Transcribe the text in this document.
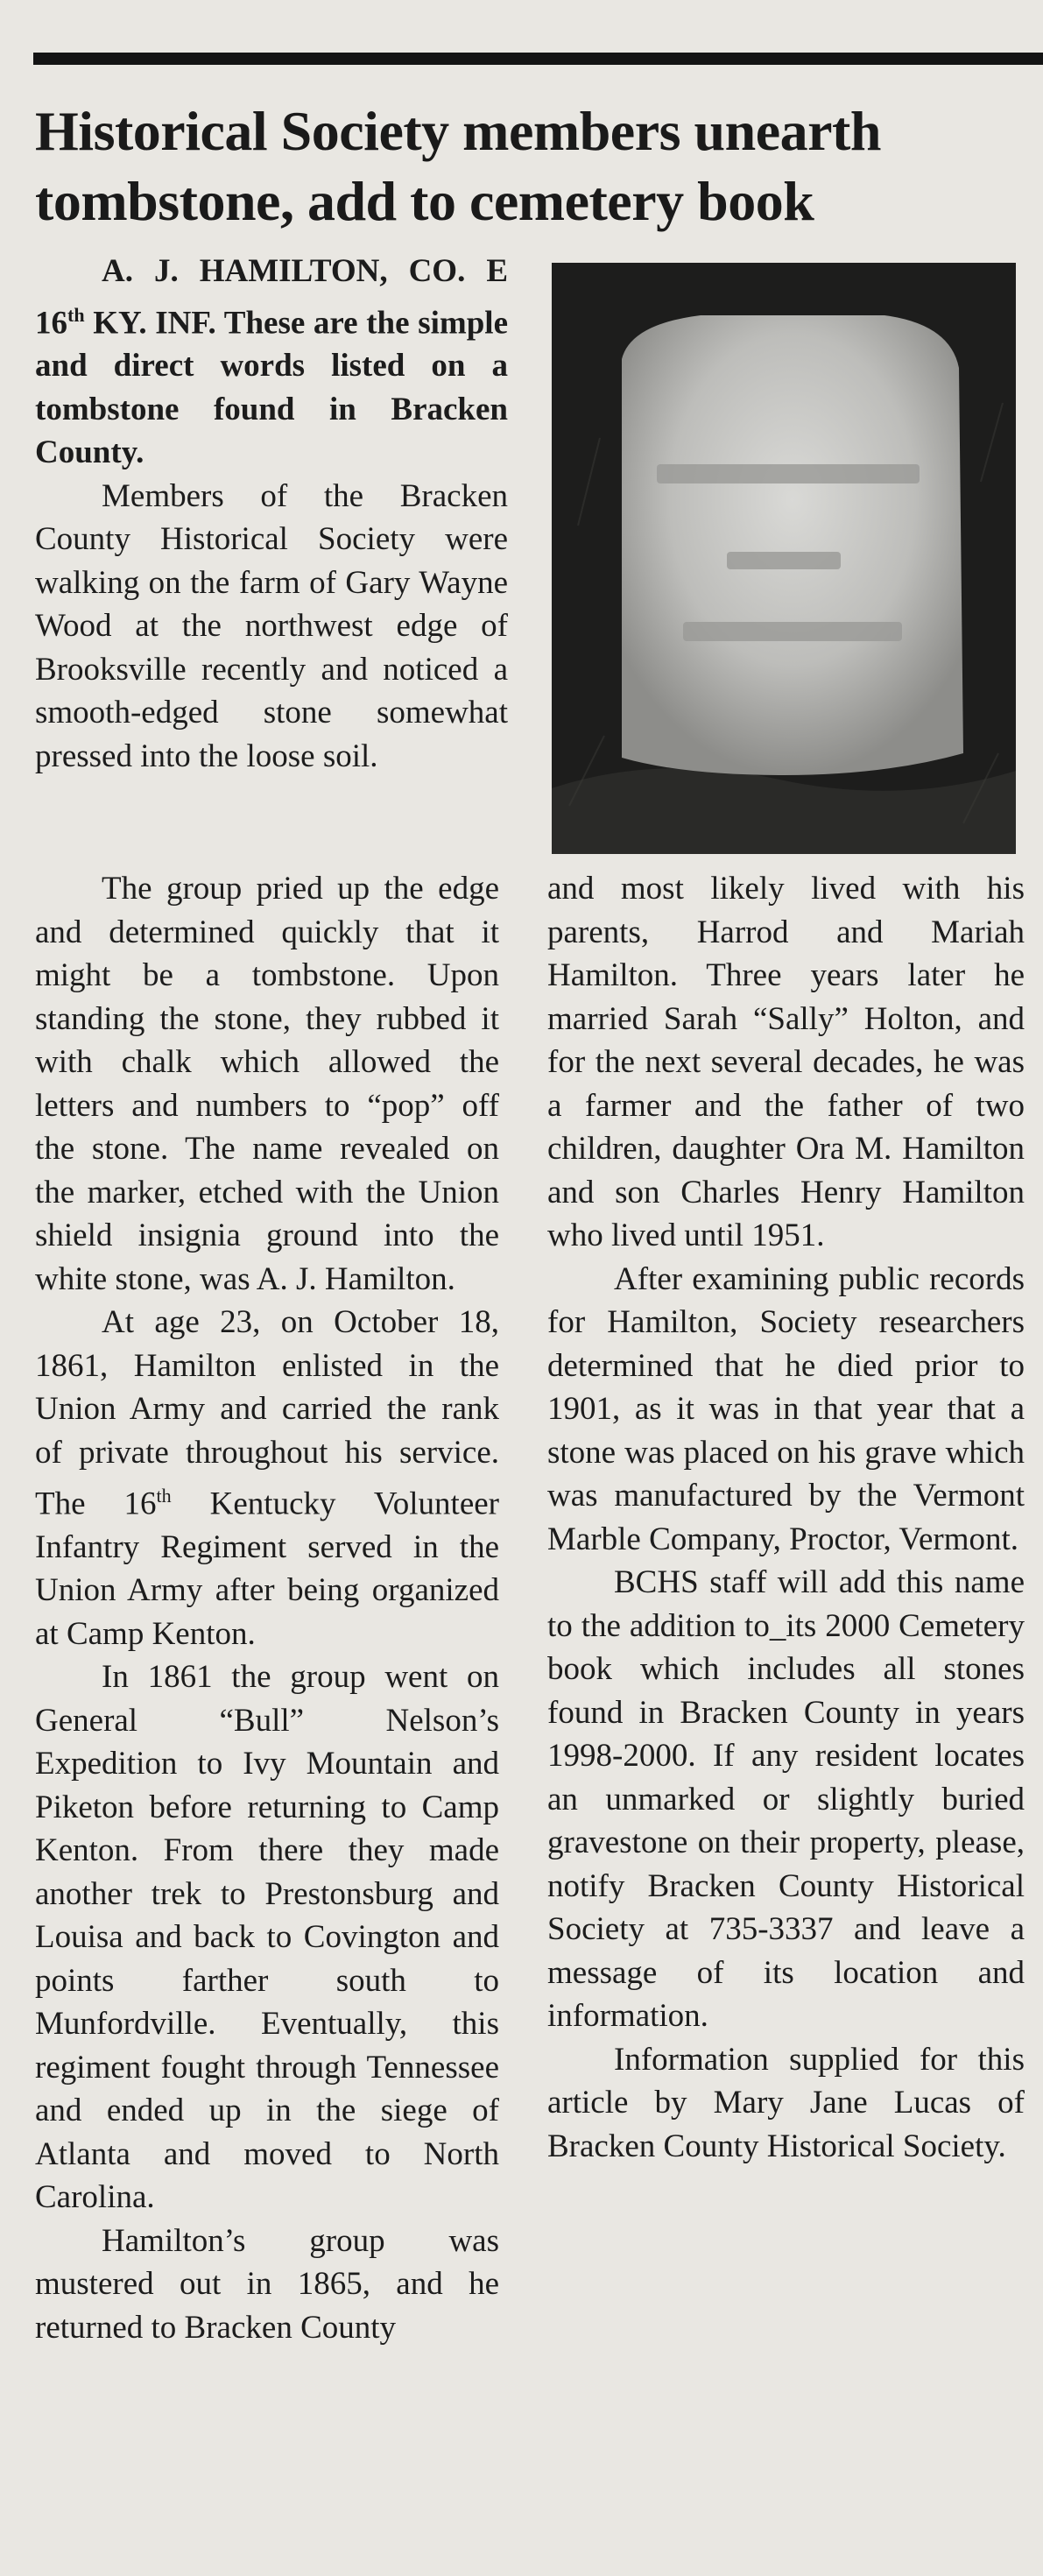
Historical Society members unearth tombstone, add to cemetery book

A. J. HAMILTON, CO. E 16th KY. INF. These are the simple and direct words listed on a tombstone found in Bracken County.

Members of the Bracken County Historical Society were walking on the farm of Gary Wayne Wood at the northwest edge of Brooksville recently and noticed a smooth-edged stone somewhat pressed into the loose soil.

The group pried up the edge and determined quickly that it might be a tombstone. Upon standing the stone, they rubbed it with chalk which allowed the letters and numbers to “pop” off the stone. The name revealed on the marker, etched with the Union shield insignia ground into the white stone, was A. J. Hamilton.

At age 23, on October 18, 1861, Hamilton enlisted in the Union Army and carried the rank of private throughout his service. The 16th Kentucky Volunteer Infantry Regiment served in the Union Army after being organized at Camp Kenton.

In 1861 the group went on General “Bull” Nelson’s Expedition to Ivy Mountain and Piketon before returning to Camp Kenton. From there they made another trek to Prestonsburg and Louisa and back to Covington and points farther south to Munfordville. Eventually, this regiment fought through Tennessee and ended up in the siege of Atlanta and moved to North Carolina.

Hamilton’s group was mustered out in 1865, and he returned to Bracken County

and most likely lived with his parents, Harrod and Mariah Hamilton. Three years later he married Sarah “Sally” Holton, and for the next several decades, he was a farmer and the father of two children, daughter Ora M. Hamilton and son Charles Henry Hamilton who lived until 1951.

After examining public records for Hamilton, Society researchers determined that he died prior to 1901, as it was in that year that a stone was placed on his grave which was manufactured by the Vermont Marble Company, Proctor, Vermont.

BCHS staff will add this name to the addition to_its 2000 Cemetery book which includes all stones found in Bracken County in years 1998-2000. If any resident locates an unmarked or slightly buried gravestone on their property, please, notify Bracken County Historical Society at 735-3337 and leave a message of its location and information.

Information supplied for this article by Mary Jane Lucas of Bracken County Historical Society.
